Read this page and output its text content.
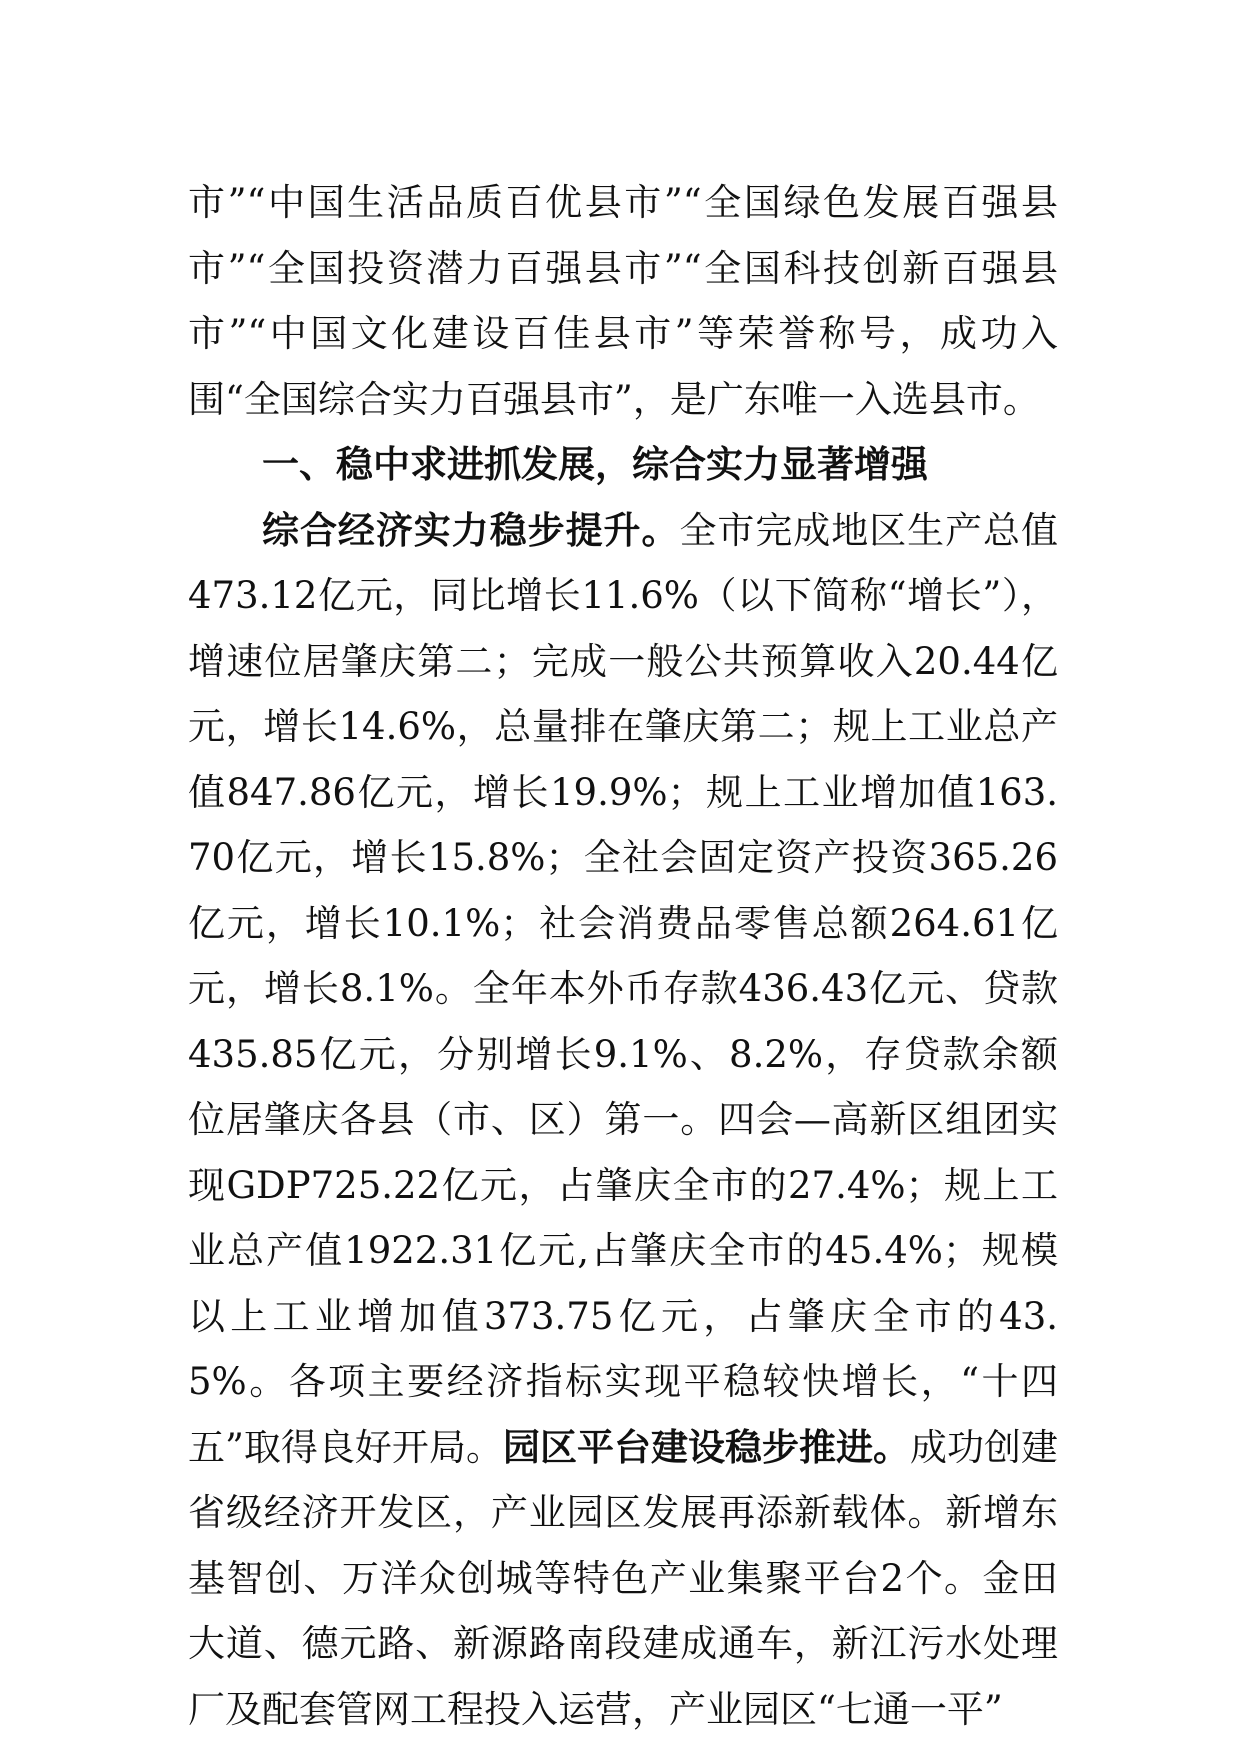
市”“中国生活品质百优县市”“全国绿色发展百强县市”“全国投资潜力百强县市”“全国科技创新百强县市”“中国文化建设百佳县市”等荣誉称号，成功入围“全国综合实力百强县市”，是广东唯一入选县市。

一、稳中求进抓发展，综合实力显著增强

综合经济实力稳步提升。全市完成地区生产总值473.12亿元，同比增长11.6%（以下简称“增长”），增速位居肇庆第二；完成一般公共预算收入20.44亿元，增长14.6%，总量排在肇庆第二；规上工业总产值847.86亿元，增长19.9%；规上工业增加值163.70亿元，增长15.8%；全社会固定资产投资365.26亿元，增长10.1%；社会消费品零售总额264.61亿元，增长8.1%。全年本外币存款436.43亿元、贷款435.85亿元，分别增长9.1%、8.2%，存贷款余额位居肇庆各县（市、区）第一。四会—高新区组团实现GDP725.22亿元，占肇庆全市的27.4%；规上工业总产值1922.31亿元,占肇庆全市的45.4%；规模以上工业增加值373.75亿元，占肇庆全市的43.5%。各项主要经济指标实现平稳较快增长，“十四五”取得良好开局。园区平台建设稳步推进。成功创建省级经济开发区，产业园区发展再添新载体。新增东基智创、万洋众创城等特色产业集聚平台2个。金田大道、德元路、新源路南段建成通车，新江污水处理厂及配套管网工程投入运营，产业园区“七通一平”
